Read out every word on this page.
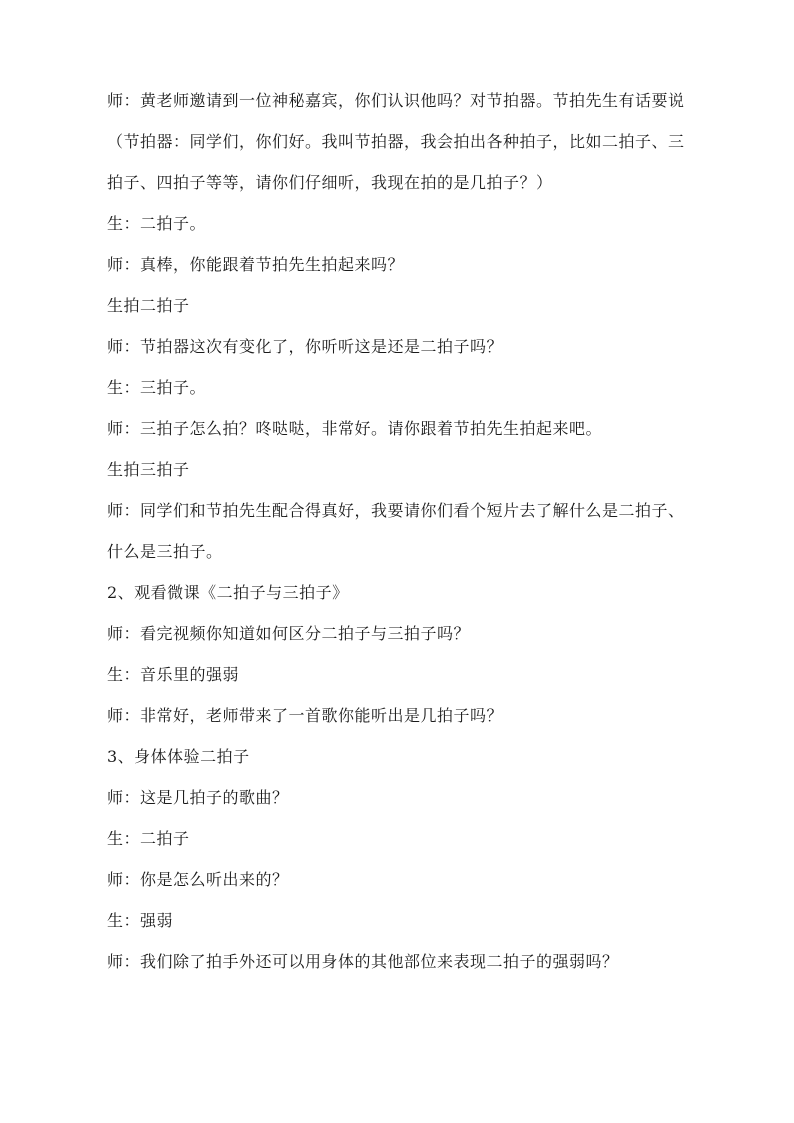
师：黄老师邀请到一位神秘嘉宾，你们认识他吗？对节拍器。节拍先生有话要说

（节拍器：同学们，你们好。我叫节拍器，我会拍出各种拍子，比如二拍子、三拍子、四拍子等等，请你们仔细听，我现在拍的是几拍子？）

生：二拍子。

师：真棒，你能跟着节拍先生拍起来吗？

生拍二拍子

师：节拍器这次有变化了，你听听这是还是二拍子吗？

生：三拍子。

师：三拍子怎么拍？咚哒哒，非常好。请你跟着节拍先生拍起来吧。

生拍三拍子

师：同学们和节拍先生配合得真好，我要请你们看个短片去了解什么是二拍子、什么是三拍子。

2、观看微课《二拍子与三拍子》

师：看完视频你知道如何区分二拍子与三拍子吗？

生：音乐里的强弱

师：非常好，老师带来了一首歌你能听出是几拍子吗？

3、身体体验二拍子

师：这是几拍子的歌曲？

生：二拍子

师：你是怎么听出来的？

生：强弱

师：我们除了拍手外还可以用身体的其他部位来表现二拍子的强弱吗？
